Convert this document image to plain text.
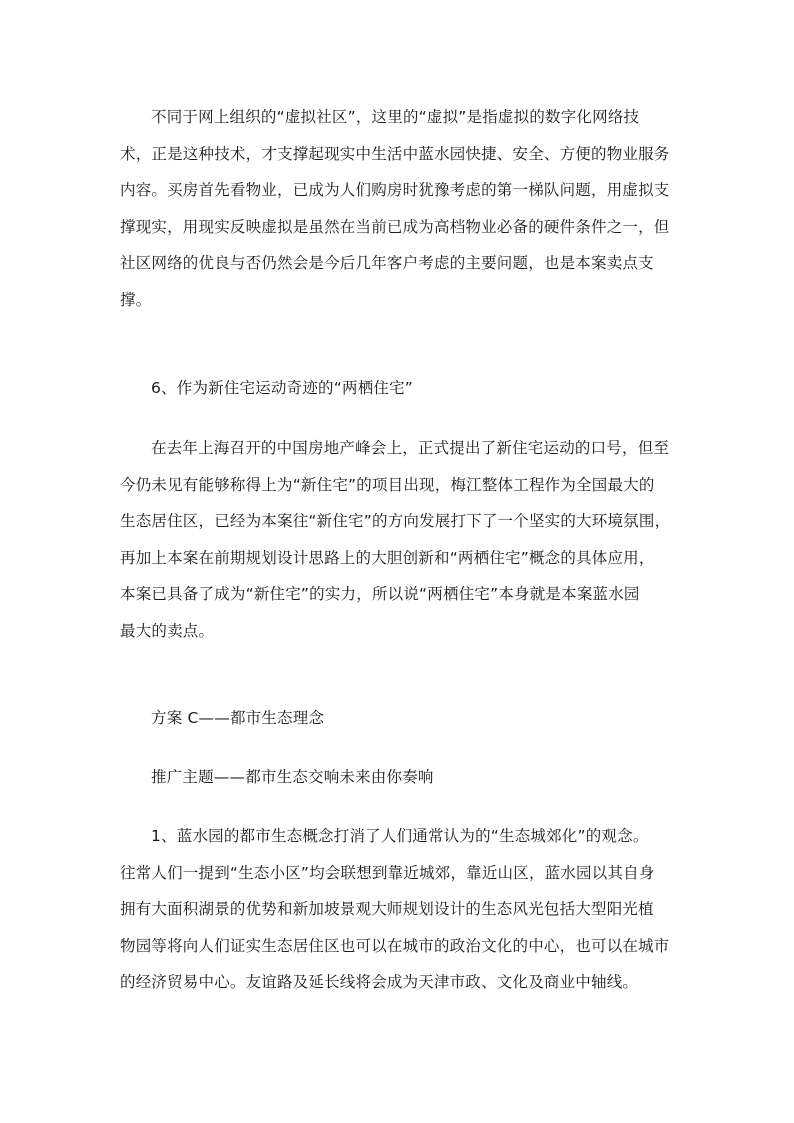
不同于网上组织的“虚拟社区”，这里的“虚拟”是指虚拟的数字化网络技
术，正是这种技术，才支撑起现实中生活中蓝水园快捷、安全、方便的物业服务
内容。买房首先看物业，已成为人们购房时犹豫考虑的第一梯队问题，用虚拟支
撑现实，用现实反映虚拟是虽然在当前已成为高档物业必备的硬件条件之一，但
社区网络的优良与否仍然会是今后几年客户考虑的主要问题，也是本案卖点支
撑。

6、作为新住宅运动奇迹的“两栖住宅”

在去年上海召开的中国房地产峰会上，正式提出了新住宅运动的口号，但至
今仍未见有能够称得上为“新住宅”的项目出现，梅江整体工程作为全国最大的
生态居住区，已经为本案往“新住宅”的方向发展打下了一个坚实的大环境氛围，
再加上本案在前期规划设计思路上的大胆创新和“两栖住宅”概念的具体应用，
本案已具备了成为“新住宅”的实力，所以说“两栖住宅”本身就是本案蓝水园
最大的卖点。

方案 C——都市生态理念

推广主题——都市生态交响未来由你奏响

1、蓝水园的都市生态概念打消了人们通常认为的“生态城郊化”的观念。
往常人们一提到“生态小区”均会联想到靠近城郊，靠近山区，蓝水园以其自身
拥有大面积湖景的优势和新加坡景观大师规划设计的生态风光包括大型阳光植
物园等将向人们证实生态居住区也可以在城市的政治文化的中心，也可以在城市
的经济贸易中心。友谊路及延长线将会成为天津市政、文化及商业中轴线。
